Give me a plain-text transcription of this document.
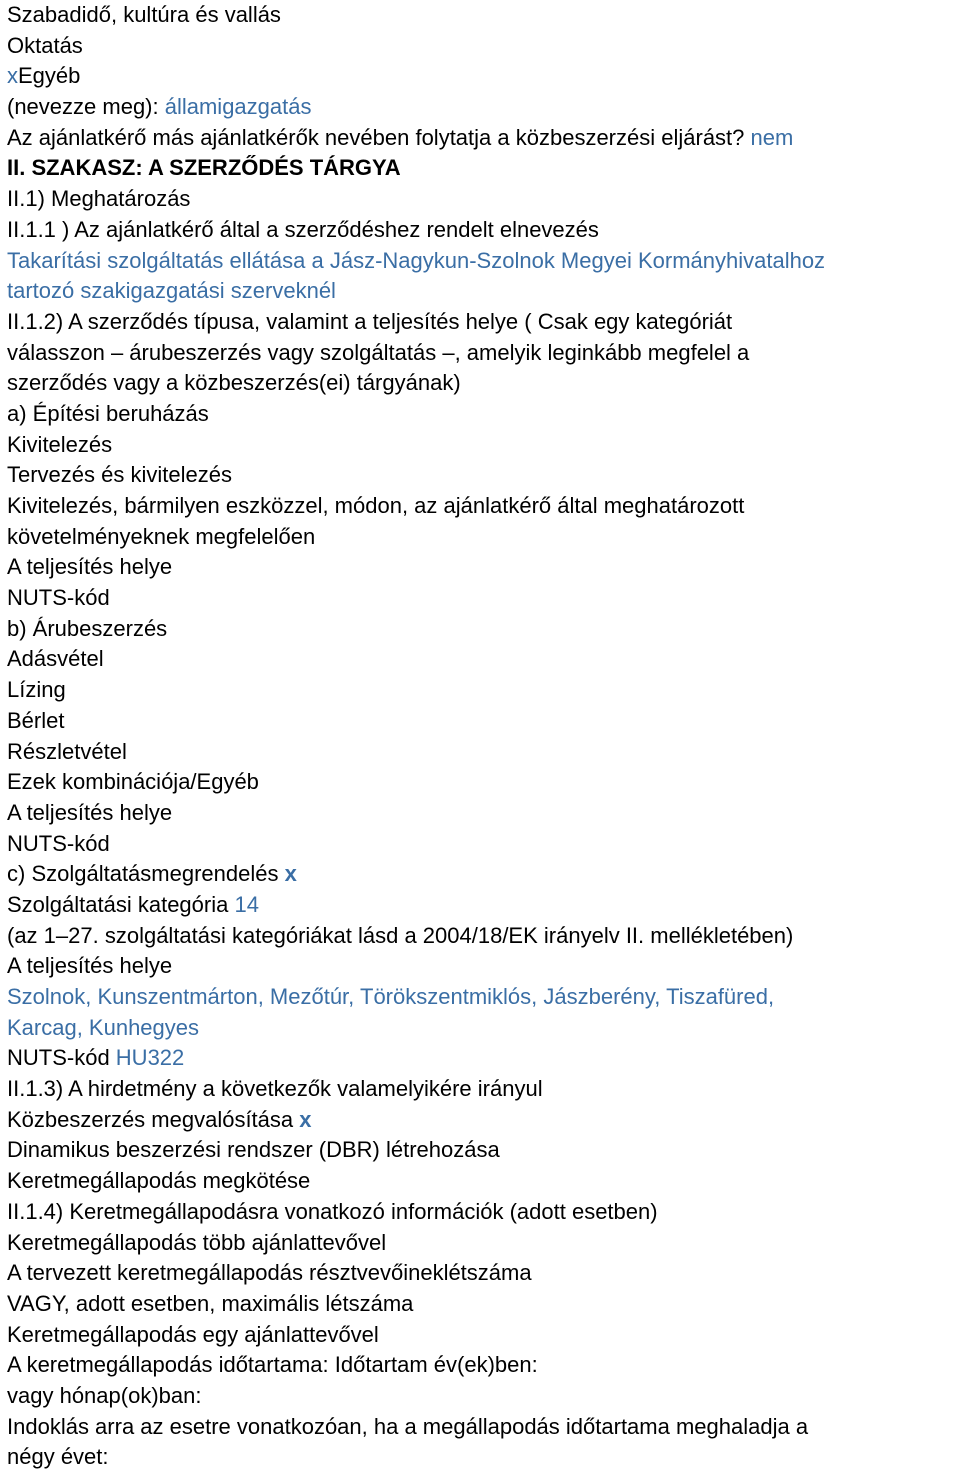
Szabadidő, kultúra és vallás
Oktatás
xEgyéb
(nevezze meg): államigazgatás
Az ajánlatkérő más ajánlatkérők nevében folytatja a közbeszerzési eljárást? nem
II. SZAKASZ: A SZERZŐDÉS TÁRGYA
II.1) Meghatározás
II.1.1 ) Az ajánlatkérő által a szerződéshez rendelt elnevezés
Takarítási szolgáltatás ellátása a Jász-Nagykun-Szolnok Megyei Kormányhivatalhoz
tartozó szakigazgatási szerveknél
II.1.2) A szerződés típusa, valamint a teljesítés helye ( Csak egy kategóriát
válasszon – árubeszerzés vagy szolgáltatás –, amelyik leginkább megfelel a
szerződés vagy a közbeszerzés(ei) tárgyának)
a) Építési beruházás
Kivitelezés
Tervezés és kivitelezés
Kivitelezés, bármilyen eszközzel, módon, az ajánlatkérő által meghatározott
követelményeknek megfelelően
A teljesítés helye
NUTS-kód
b) Árubeszerzés
Adásvétel
Lízing
Bérlet
Részletvétel
Ezek kombinációja/Egyéb
A teljesítés helye
NUTS-kód
c) Szolgáltatásmegrendelés x
Szolgáltatási kategória 14
(az 1–27. szolgáltatási kategóriákat lásd a 2004/18/EK irányelv II. mellékletében)
A teljesítés helye
Szolnok, Kunszentmárton, Mezőtúr, Törökszentmiklós, Jászberény, Tiszafüred,
Karcag, Kunhegyes
NUTS-kód HU322
II.1.3) A hirdetmény a következők valamelyikére irányul
Közbeszerzés megvalósítása x
Dinamikus beszerzési rendszer (DBR) létrehozása
Keretmegállapodás megkötése
II.1.4) Keretmegállapodásra vonatkozó információk (adott esetben)
Keretmegállapodás több ajánlattevővel
A tervezett keretmegállapodás résztvevőineklétszáma
VAGY, adott esetben, maximális létszáma
Keretmegállapodás egy ajánlattevővel
A keretmegállapodás időtartama: Időtartam év(ek)ben:
vagy hónap(ok)ban:
Indoklás arra az esetre vonatkozóan, ha a megállapodás időtartama meghaladja a
négy évet:
